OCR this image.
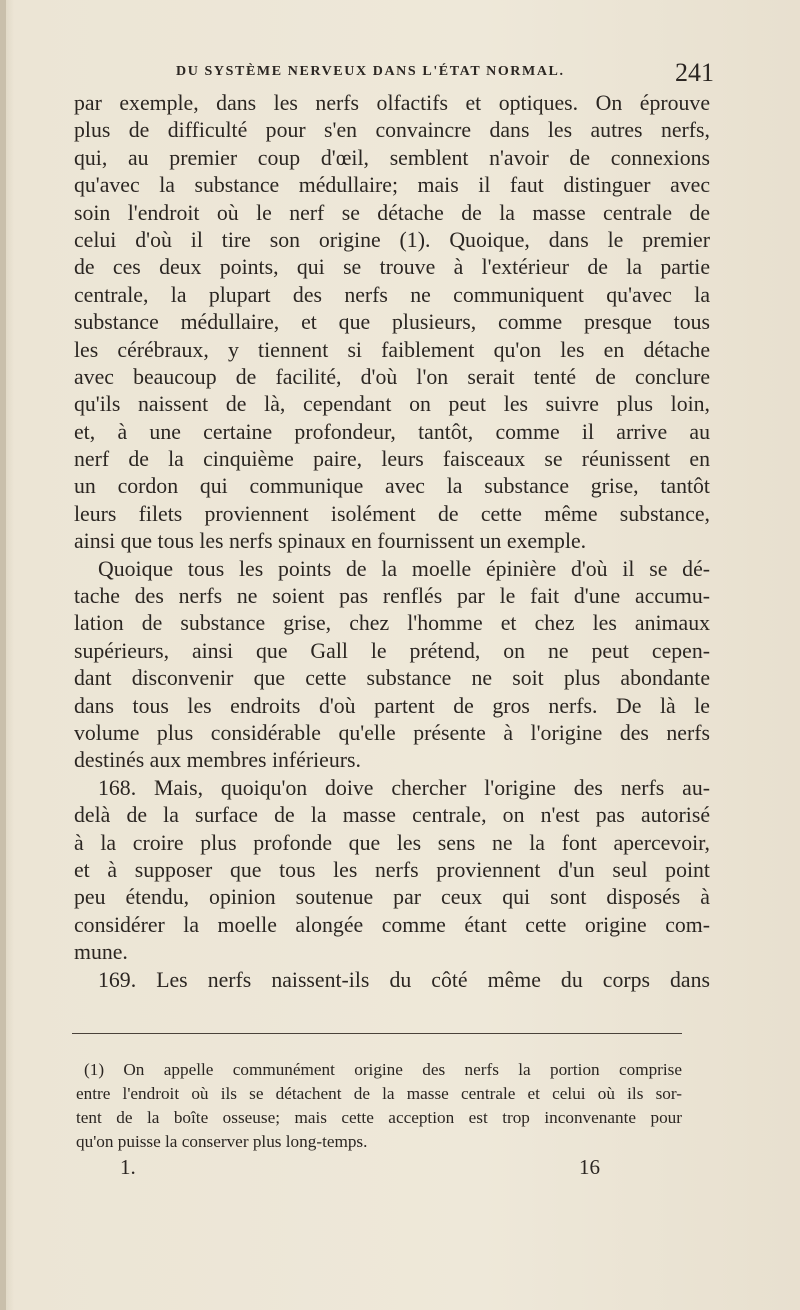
DU SYSTÈME NERVEUX DANS L'ÉTAT NORMAL.	241
par exemple, dans les nerfs olfactifs et optiques. On éprouve
plus de difficulté pour s'en convaincre dans les autres nerfs,
qui, au premier coup d'œil, semblent n'avoir de connexions
qu'avec la substance médullaire; mais il faut distinguer avec
soin l'endroit où le nerf se détache de la masse centrale de
celui d'où il tire son origine (1). Quoique, dans le premier
de ces deux points, qui se trouve à l'extérieur de la partie
centrale, la plupart des nerfs ne communiquent qu'avec la
substance médullaire, et que plusieurs, comme presque tous
les cérébraux, y tiennent si faiblement qu'on les en détache
avec beaucoup de facilité, d'où l'on serait tenté de conclure
qu'ils naissent de là, cependant on peut les suivre plus loin,
et, à une certaine profondeur, tantôt, comme il arrive au
nerf de la cinquième paire, leurs faisceaux se réunissent en
un cordon qui communique avec la substance grise, tantôt
leurs filets proviennent isolément de cette même substance,
ainsi que tous les nerfs spinaux en fournissent un exemple.
Quoique tous les points de la moelle épinière d'où il se dé-
tache des nerfs ne soient pas renflés par le fait d'une accumu-
lation de substance grise, chez l'homme et chez les animaux
supérieurs, ainsi que Gall le prétend, on ne peut cepen-
dant disconvenir que cette substance ne soit plus abondante
dans tous les endroits d'où partent de gros nerfs. De là le
volume plus considérable qu'elle présente à l'origine des nerfs
destinés aux membres inférieurs.
168. Mais, quoiqu'on doive chercher l'origine des nerfs au-
delà de la surface de la masse centrale, on n'est pas autorisé
à la croire plus profonde que les sens ne la font apercevoir,
et à supposer que tous les nerfs proviennent d'un seul point
peu étendu, opinion soutenue par ceux qui sont disposés à
considérer la moelle alongée comme étant cette origine com-
mune.
169. Les nerfs naissent-ils du côté même du corps dans
(1) On appelle communément origine des nerfs la portion comprise
entre l'endroit où ils se détachent de la masse centrale et celui où ils sor-
tent de la boîte osseuse; mais cette acception est trop inconvenante pour
qu'on puisse la conserver plus long-temps.
1.	16
